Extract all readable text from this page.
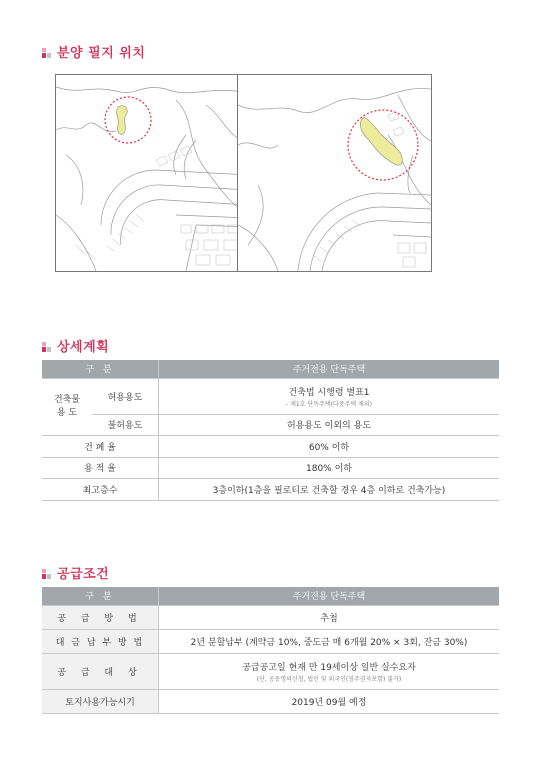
분양 필지 위치
상세계획
구 분		주거전용 단독주택
건축물
용 도	허용용도	건축법 시행령 별표1
- 제1호 단독주택(다중주택 제외)

	불허용도	허용용도 이외의 용도
건 폐 율		60% 이하
용 적 율		180% 이하
최고층수		3층이하(1층을 필로티로 건축할 경우 4층 이하로 건축가능)
공급조건
구 분	주거전용 단독주택
공 급 방 법	추첨
대 금 납 부 방 법	2년 분할납부 (계약금 10%, 중도금 매 6개월 20% × 3회, 잔금 30%)
공 급 대 상	공급공고일 현재 만 19세이상 일반 실수요자
(단, 공동명의신청, 법인 및 외국인(영주권자포함) 불가)

토지사용가능시기	2019년 09월 예정
